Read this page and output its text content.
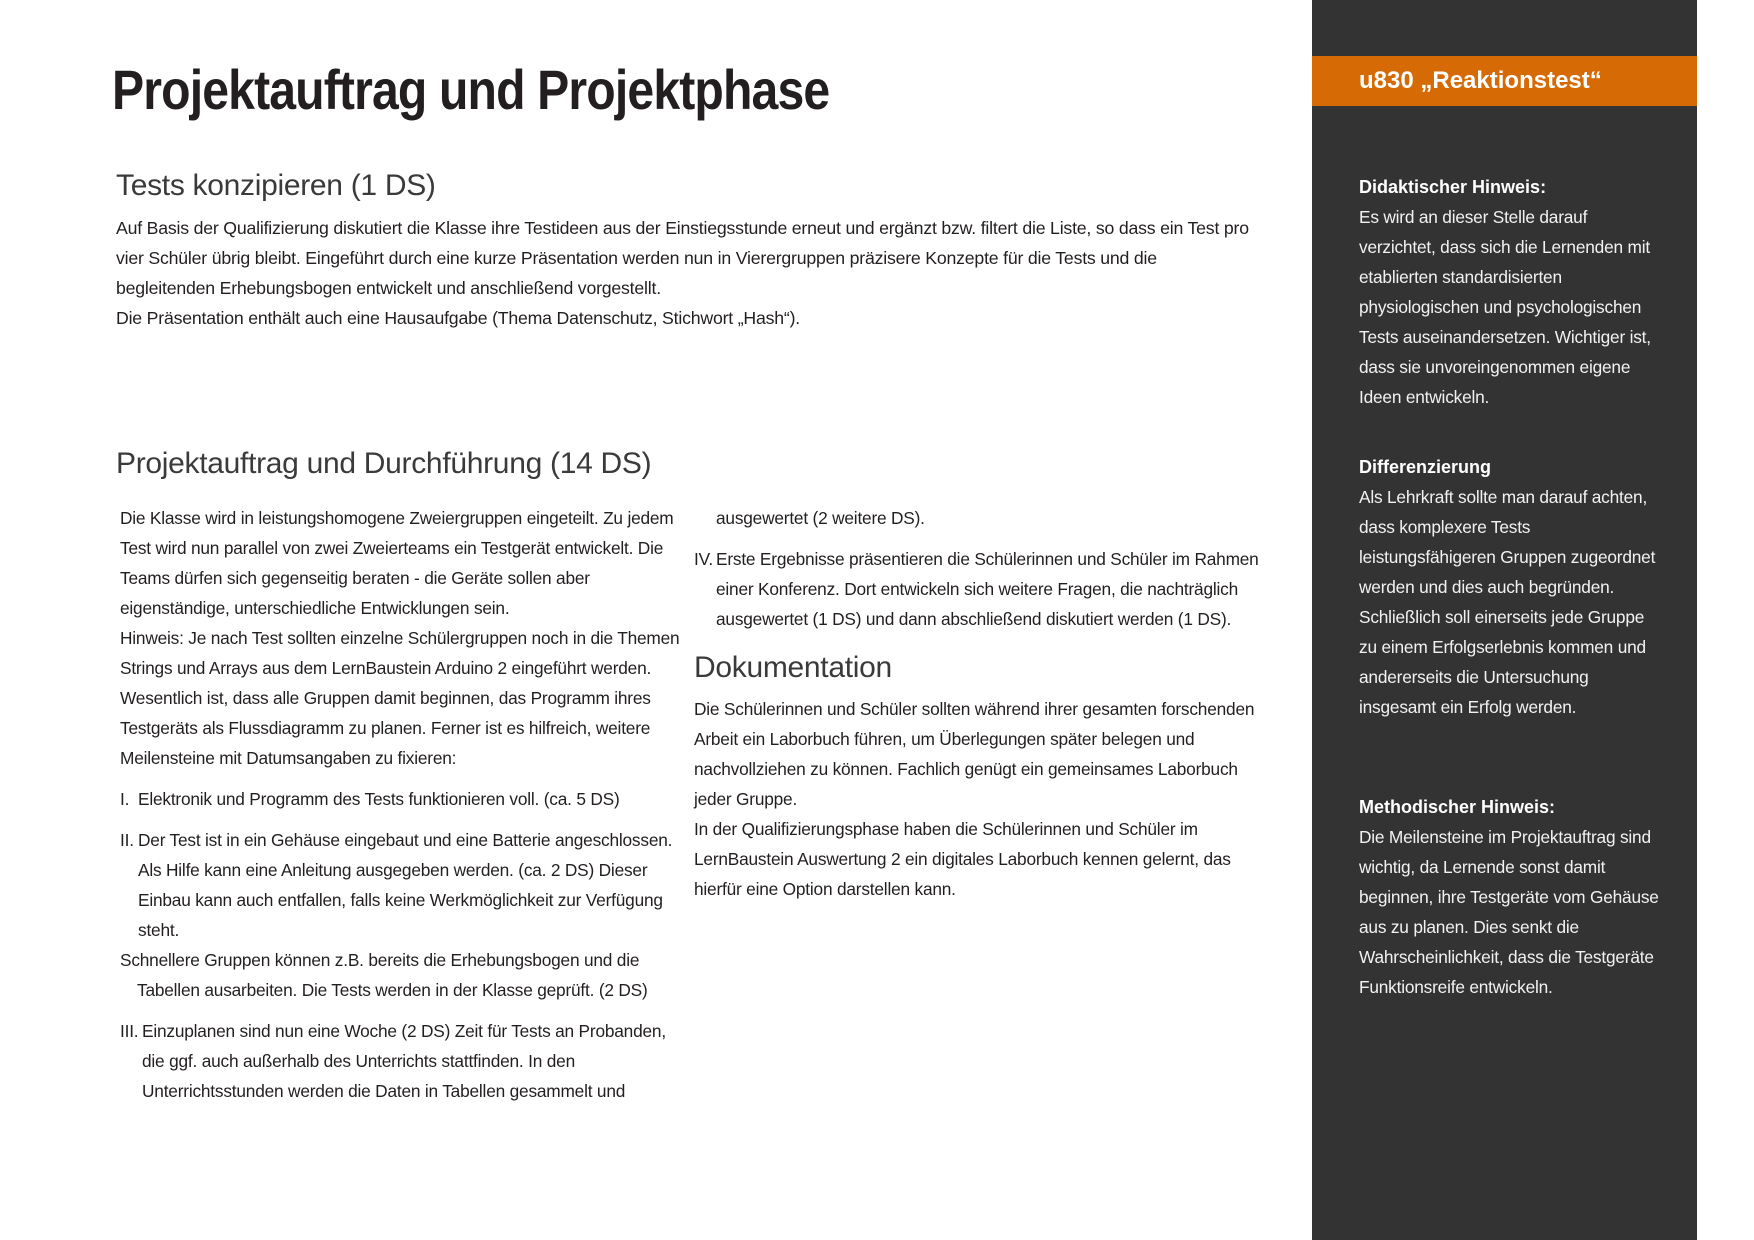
Projektauftrag und Projektphase
Tests konzipieren (1 DS)

Auf Basis der Qualifizierung diskutiert die Klasse ihre Testideen aus der Einstiegsstunde erneut und ergänzt bzw. filtert die Liste, so dass ein Test pro vier Schüler übrig bleibt. Eingeführt durch eine kurze Präsentation werden nun in Vierergruppen präzisere Konzepte für die Tests und die begleitenden Erhebungsbogen entwickelt und anschließend vorgestellt.

Die Präsentation enthält auch eine Hausaufgabe (Thema Datenschutz, Stichwort „Hash“).

Projektauftrag und Durchführung (14 DS)

Die Klasse wird in leistungshomogene Zweiergruppen eingeteilt. Zu jedem Test wird nun parallel von zwei Zweierteams ein Testgerät entwickelt. Die Teams dürfen sich gegenseitig beraten - die Geräte sollen aber eigenständige, unterschiedliche Entwicklungen sein.

Hinweis: Je nach Test sollten einzelne Schülergruppen noch in die Themen Strings und Arrays aus dem LernBaustein Arduino 2 eingeführt werden.

Wesentlich ist, dass alle Gruppen damit beginnen, das Programm ihres Testgeräts als Flussdiagramm zu planen. Ferner ist es hilfreich, weitere Meilensteine mit Datumsangaben zu fixieren:

I. Elektronik und Programm des Tests funktionieren voll. (ca. 5 DS)
II. Der Test ist in ein Gehäuse eingebaut und eine Batterie angeschlossen. Als Hilfe kann eine Anleitung ausgegeben werden. (ca. 2 DS) Dieser Einbau kann auch entfallen, falls keine Werkmöglichkeit zur Verfügung steht.

Schnellere Gruppen können z.B. bereits die Erhebungsbogen und die Tabellen ausarbeiten. Die Tests werden in der Klasse geprüft. (2 DS)

III. Einzuplanen sind nun eine Woche (2 DS) Zeit für Tests an Probanden, die ggf. auch außerhalb des Unterrichts stattfinden. In den Unterrichtsstunden werden die Daten in Tabellen gesammelt und

ausgewertet (2 weitere DS).

IV. Erste Ergebnisse präsentieren die Schülerinnen und Schüler im Rahmen einer Konferenz. Dort entwickeln sich weitere Fragen, die nachträglich ausgewertet (1 DS) und dann abschließend diskutiert werden (1 DS).
Dokumentation

Die Schülerinnen und Schüler sollten während ihrer gesamten forschenden Arbeit ein Laborbuch führen, um Überlegungen später belegen und nachvollziehen zu können. Fachlich genügt ein gemeinsames Laborbuch jeder Gruppe.

In der Qualifizierungsphase haben die Schülerinnen und Schüler im LernBaustein Auswertung 2 ein digitales Laborbuch kennen gelernt, das hierfür eine Option darstellen kann.

u830 „Reaktionstest“
Didaktischer Hinweis:

Es wird an dieser Stelle darauf verzichtet, dass sich die Lernenden mit etablierten standardisierten physiologischen und psychologischen Tests auseinandersetzen. Wichtiger ist, dass sie unvoreingenommen eigene Ideen entwickeln.

Differenzierung

Als Lehrkraft sollte man darauf achten, dass komplexere Tests leistungsfähigeren Gruppen zugeordnet werden und dies auch begründen. Schließlich soll einerseits jede Gruppe zu einem Erfolgserlebnis kommen und andererseits die Untersuchung insgesamt ein Erfolg werden.

Methodischer Hinweis:

Die Meilensteine im Projektauftrag sind wichtig, da Lernende sonst damit beginnen, ihre Testgeräte vom Gehäuse aus zu planen. Dies senkt die Wahrscheinlichkeit, dass die Testgeräte Funktionsreife entwickeln.
